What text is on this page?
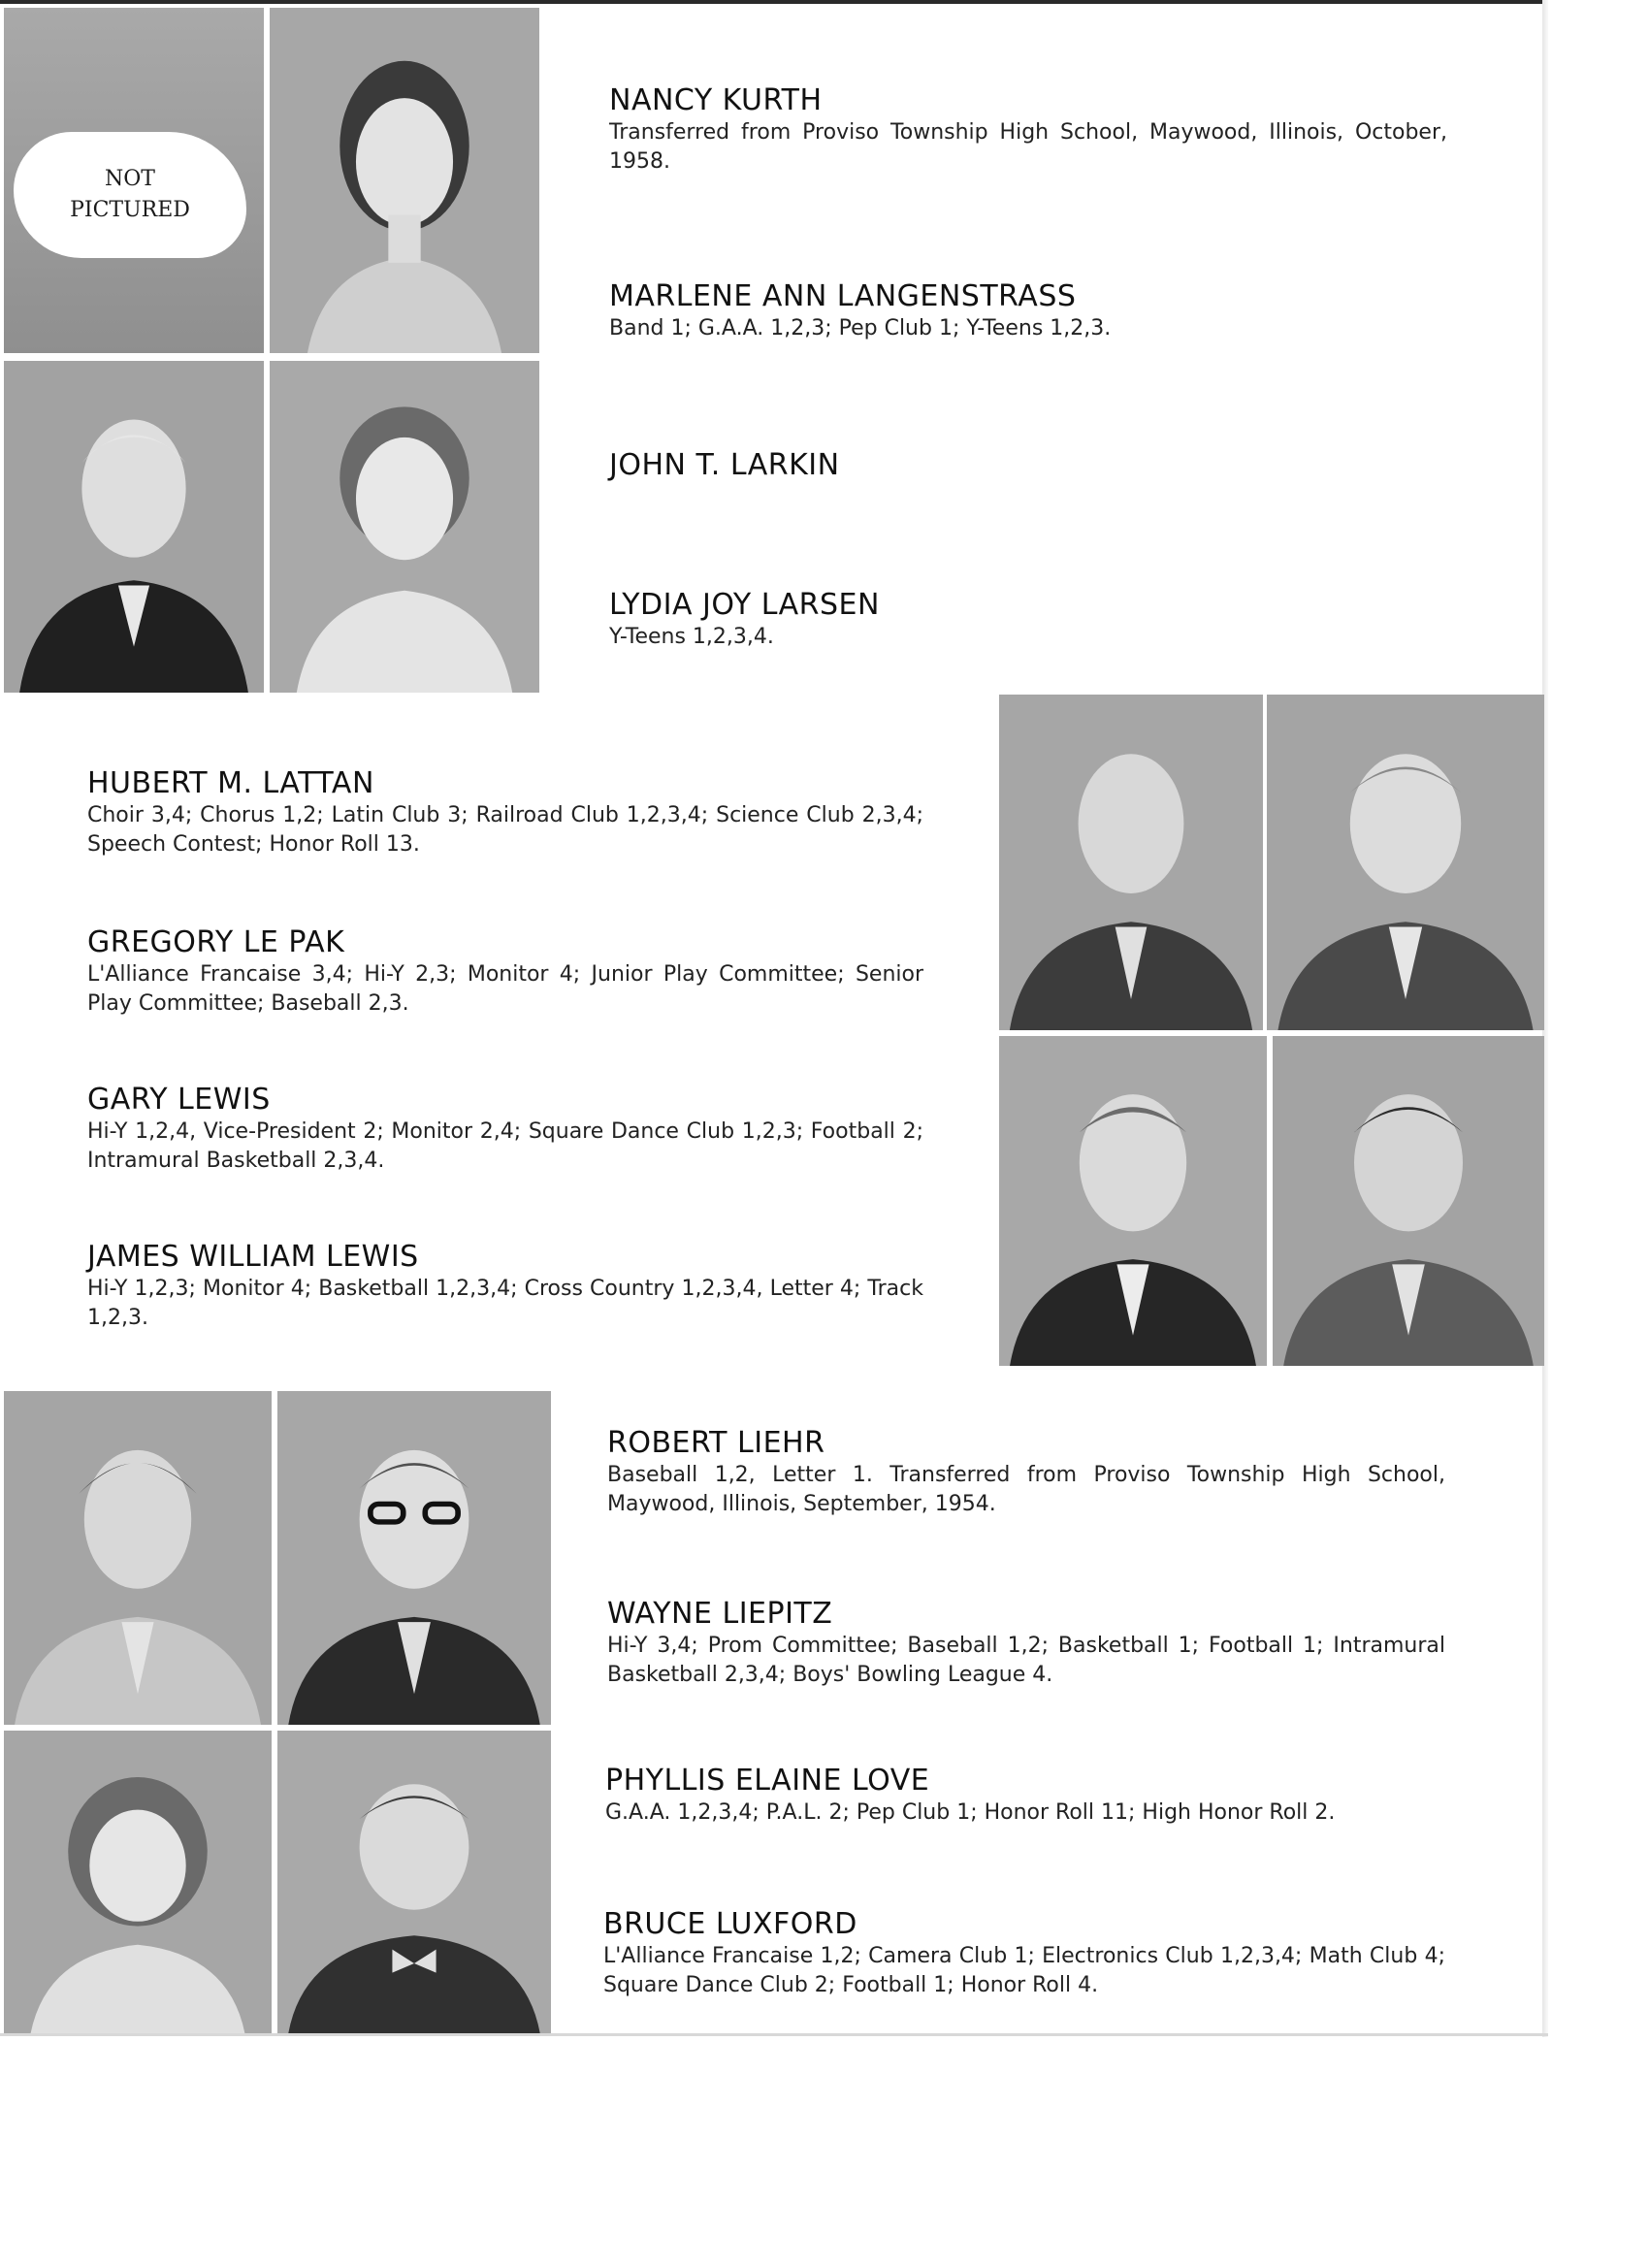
NOT
PICTURED
NANCY KURTH
Transferred from Proviso Township High School, Maywood, Illinois, October, 1958.
MARLENE ANN LANGENSTRASS
Band 1; G.A.A. 1,2,3; Pep Club 1; Y-Teens 1,2,3.
JOHN T. LARKIN
LYDIA JOY LARSEN
Y-Teens 1,2,3,4.
HUBERT M. LATTAN
Choir 3,4; Chorus 1,2; Latin Club 3; Railroad Club 1,2,3,4; Science Club 2,3,4; Speech Contest; Honor Roll 13.
GREGORY LE PAK
L'Alliance Francaise 3,4; Hi-Y 2,3; Monitor 4; Junior Play Committee; Senior Play Committee; Baseball 2,3.
GARY LEWIS
Hi-Y 1,2,4, Vice-President 2; Monitor 2,4; Square Dance Club 1,2,3; Football 2; Intramural Basketball 2,3,4.
JAMES WILLIAM LEWIS
Hi-Y 1,2,3; Monitor 4; Basketball 1,2,3,4; Cross Country 1,2,3,4, Letter 4; Track 1,2,3.
ROBERT LIEHR
Baseball 1,2, Letter 1. Transferred from Proviso Township High School, Maywood, Illinois, September, 1954.
WAYNE LIEPITZ
Hi-Y 3,4; Prom Committee; Baseball 1,2; Basketball 1; Football 1; Intramural Basketball 2,3,4; Boys' Bowling League 4.
PHYLLIS ELAINE LOVE
G.A.A. 1,2,3,4; P.A.L. 2; Pep Club 1; Honor Roll 11; High Honor Roll 2.
BRUCE LUXFORD
L'Alliance Francaise 1,2; Camera Club 1; Electronics Club 1,2,3,4; Math Club 4; Square Dance Club 2; Football 1; Honor Roll 4.
